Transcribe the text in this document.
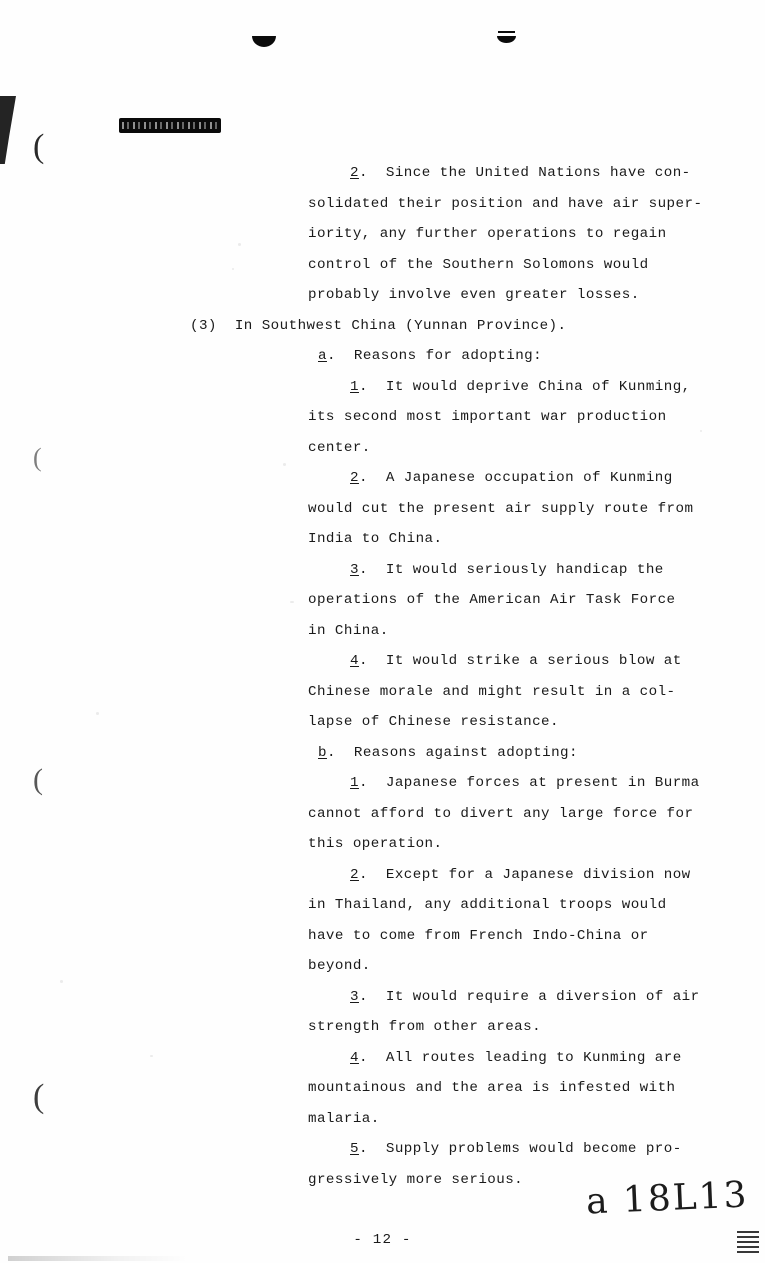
(
(
(
(
2.  Since the United Nations have con-
solidated their position and have air super-
iority, any further operations to regain
control of the Southern Solomons would
probably involve even greater losses.
(3)  In Southwest China (Yunnan Province).
a.  Reasons for adopting:
1.  It would deprive China of Kunming,
its second most important war production
center.
2.  A Japanese occupation of Kunming
would cut the present air supply route from
India to China.
3.  It would seriously handicap the
operations of the American Air Task Force
in China.
4.  It would strike a serious blow at
Chinese morale and might result in a col-
lapse of Chinese resistance.
b.  Reasons against adopting:
1.  Japanese forces at present in Burma
cannot afford to divert any large force for
this operation.
2.  Except for a Japanese division now
in Thailand, any additional troops would
have to come from French Indo-China or
beyond.
3.  It would require a diversion of air
strength from other areas.
4.  All routes leading to Kunming are
mountainous and the area is infested with
malaria.
5.  Supply problems would become pro-
gressively more serious.
- 12 -
a 18L13
